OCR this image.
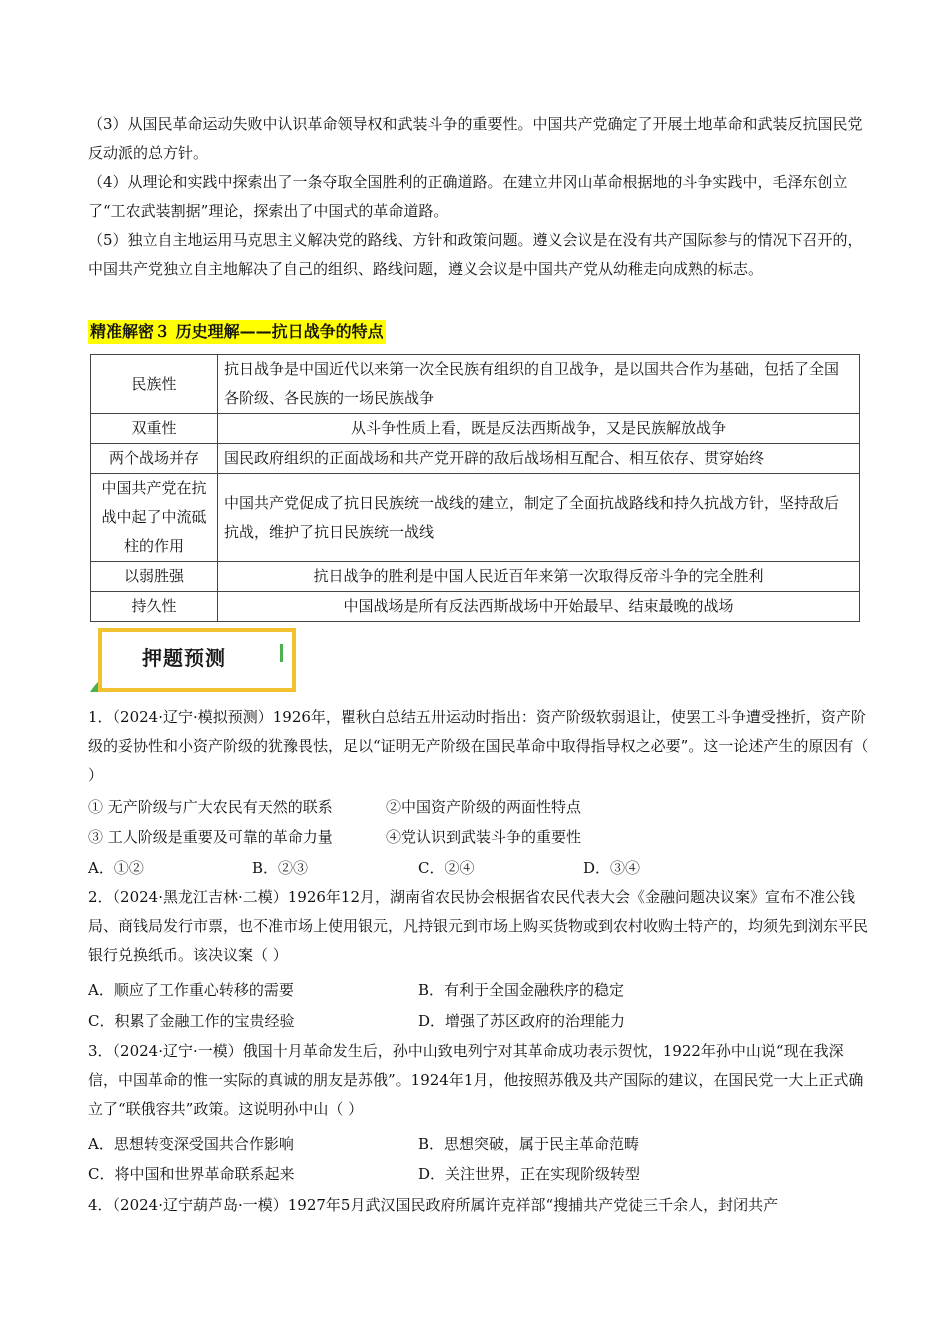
（3）从国民革命运动失败中认识革命领导权和武装斗争的重要性。中国共产党确定了开展土地革命和武装反抗国民党反动派的总方针。

（4）从理论和实践中探索出了一条夺取全国胜利的正确道路。在建立井冈山革命根据地的斗争实践中，毛泽东创立了“工农武装割据”理论，探索出了中国式的革命道路。

（5）独立自主地运用马克思主义解决党的路线、方针和政策问题。遵义会议是在没有共产国际参与的情况下召开的，中国共产党独立自主地解决了自己的组织、路线问题，遵义会议是中国共产党从幼稚走向成熟的标志。

精准解密３ 历史理解——抗日战争的特点
民族性	抗日战争是中国近代以来第一次全民族有组织的自卫战争，是以国共合作为基础，包括了全国各阶级、各民族的一场民族战争
双重性	从斗争性质上看，既是反法西斯战争，又是民族解放战争
两个战场并存	国民政府组织的正面战场和共产党开辟的敌后战场相互配合、相互依存、贯穿始终
中国共产党在抗战中起了中流砥柱的作用	中国共产党促成了抗日民族统一战线的建立，制定了全面抗战路线和持久抗战方针，坚持敌后抗战，维护了抗日民族统一战线
以弱胜强	抗日战争的胜利是中国人民近百年来第一次取得反帝斗争的完全胜利
持久性	中国战场是所有反法西斯战场中开始最早、结束最晚的战场
押题预测

1．（2024·辽宁·模拟预测）1926年，瞿秋白总结五卅运动时指出：资产阶级软弱退让，使罢工斗争遭受挫折，资产阶级的妥协性和小资产阶级的犹豫畏怯，足以“证明无产阶级在国民革命中取得指导权之必要”。这一论述产生的原因有（ ）

① 无产阶级与广大农民有天然的联系	②中国资产阶级的两面性特点
③ 工人阶级是重要及可靠的革命力量	④党认识到武装斗争的重要性
A．①②	B．②③	C．②④	D．③④

2．（2024·黑龙江吉林·二模）1926年12月，湖南省农民协会根据省农民代表大会《金融问题决议案》宣布不准公钱局、商钱局发行市票，也不准市场上使用银元，凡持银元到市场上购买货物或到农村收购土特产的，均须先到浏东平民银行兑换纸币。该决议案（ ）

A．顺应了工作重心转移的需要	B．有利于全国金融秩序的稳定
C．积累了金融工作的宝贵经验	D．增强了苏区政府的治理能力

3．（2024·辽宁·一模）俄国十月革命发生后，孙中山致电列宁对其革命成功表示贺忱，1922年孙中山说“现在我深信，中国革命的惟一实际的真诚的朋友是苏俄”。1924年1月，他按照苏俄及共产国际的建议，在国民党一大上正式确立了“联俄容共”政策。这说明孙中山（ ）

A．思想转变深受国共合作影响	B．思想突破，属于民主革命范畴
C．将中国和世界革命联系起来	D．关注世界，正在实现阶级转型

4．（2024·辽宁葫芦岛·一模）1927年5月武汉国民政府所属许克祥部“搜捕共产党徒三千余人，封闭共产
